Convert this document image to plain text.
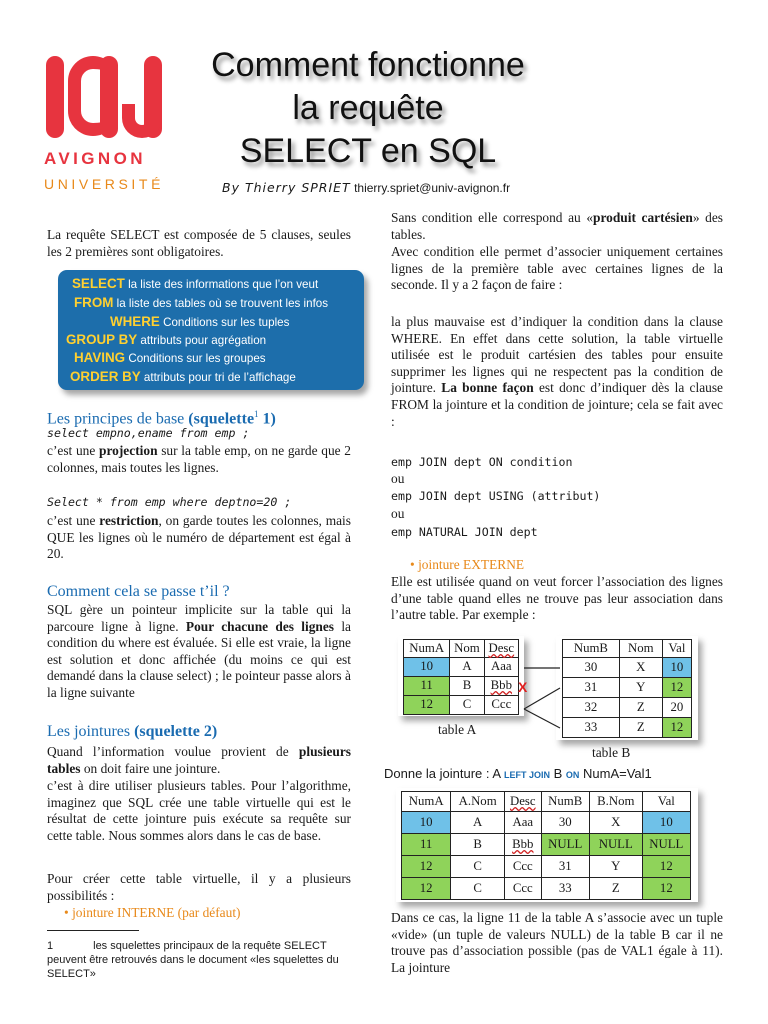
AVIGNON
UNIVERSITÉ
Comment fonctionne
la requête
SELECT en SQL
By Thierry SPRIET thierry.spriet@univ-avignon.fr

La requête SELECT est composée de 5 clauses, seules les 2 premières sont obligatoires.

SELECT la liste des informations que l’on veut
FROM la liste des tables où se trouvent les infos
WHERE Conditions sur les tuples
GROUP BY attributs pour agrégation
HAVING Conditions sur les groupes
ORDER BY attributs pour tri de l’affichage
Les principes de base (squelette$^1$ 1)
select empno,ename from emp ;

c’est une projection sur la table emp, on ne garde que 2 colonnes, mais toutes les lignes.

Select * from emp where deptno=20 ;

c’est une restriction, on garde toutes les colonnes, mais QUE les lignes où le numéro de département est égal à 20.

Comment cela se passe t’il ?

SQL gère un pointeur implicite sur la table qui la parcoure ligne à ligne. Pour chacune des lignes la condition du where est évaluée. Si elle est vraie, la ligne est solution et donc affichée (du moins ce qui est demandé dans la clause select) ; le pointeur passe alors à la ligne suivante

Les jointures (squelette 2)

Quand l’information voulue provient de plusieurs tables on doit faire une jointure.

c’est à dire utiliser plusieurs tables. Pour l’algorithme, imaginez que SQL crée une table virtuelle qui est le résultat de cette jointure puis exécute sa requête sur cette table. Nous sommes alors dans le cas de base.

Pour créer cette table virtuelle, il y a plusieurs possibilités :

• jointure INTERNE (par défaut)
1	les squelettes principaux de la requête SELECT peuvent être retrouvés dans le document «les squelettes du SELECT»

Sans condition elle correspond au «produit cartésien» des tables.

Avec condition elle permet d’associer uniquement certaines lignes de la première table avec certaines lignes de la seconde. Il y a 2 façon de faire :

la plus mauvaise est d’indiquer la condition dans la clause WHERE. En effet dans cette solution, la table virtuelle utilisée est le produit cartésien des tables pour ensuite supprimer les lignes qui ne respectent pas la condition de jointure. La bonne façon est donc d’indiquer dès la clause FROM la jointure et la condition de jointure; cela se fait avec :

emp JOIN dept ON condition
ou
emp JOIN dept USING (attribut)
ou
emp NATURAL JOIN dept
• jointure EXTERNE

Elle est utilisée quand on veut forcer l’association des lignes d’une table quand elles ne trouve pas leur association dans l’autre table. Par exemple :

NumA	Nom	Desc
10	A	Aaa
11	B	Bbb
12	C	Ccc
table A
NumB	Nom	Val
30	X	10
31	Y	12
32	Z	20
33	Z	12
table B
X
Donne la jointure : A LEFT JOIN B ON NumA=Val1
NumA	A.Nom	Desc	NumB	B.Nom	Val
10	A	Aaa	30	X	10
11	B	Bbb	NULL	NULL	NULL
12	C	Ccc	31	Y	12
12	C	Ccc	33	Z	12

Dans ce cas, la ligne 11 de la table A s’associe avec un tuple «vide» (un tuple de valeurs NULL) de la table B car il ne trouve pas d’association possible (pas de VAL1 égale à 11). La jointure
